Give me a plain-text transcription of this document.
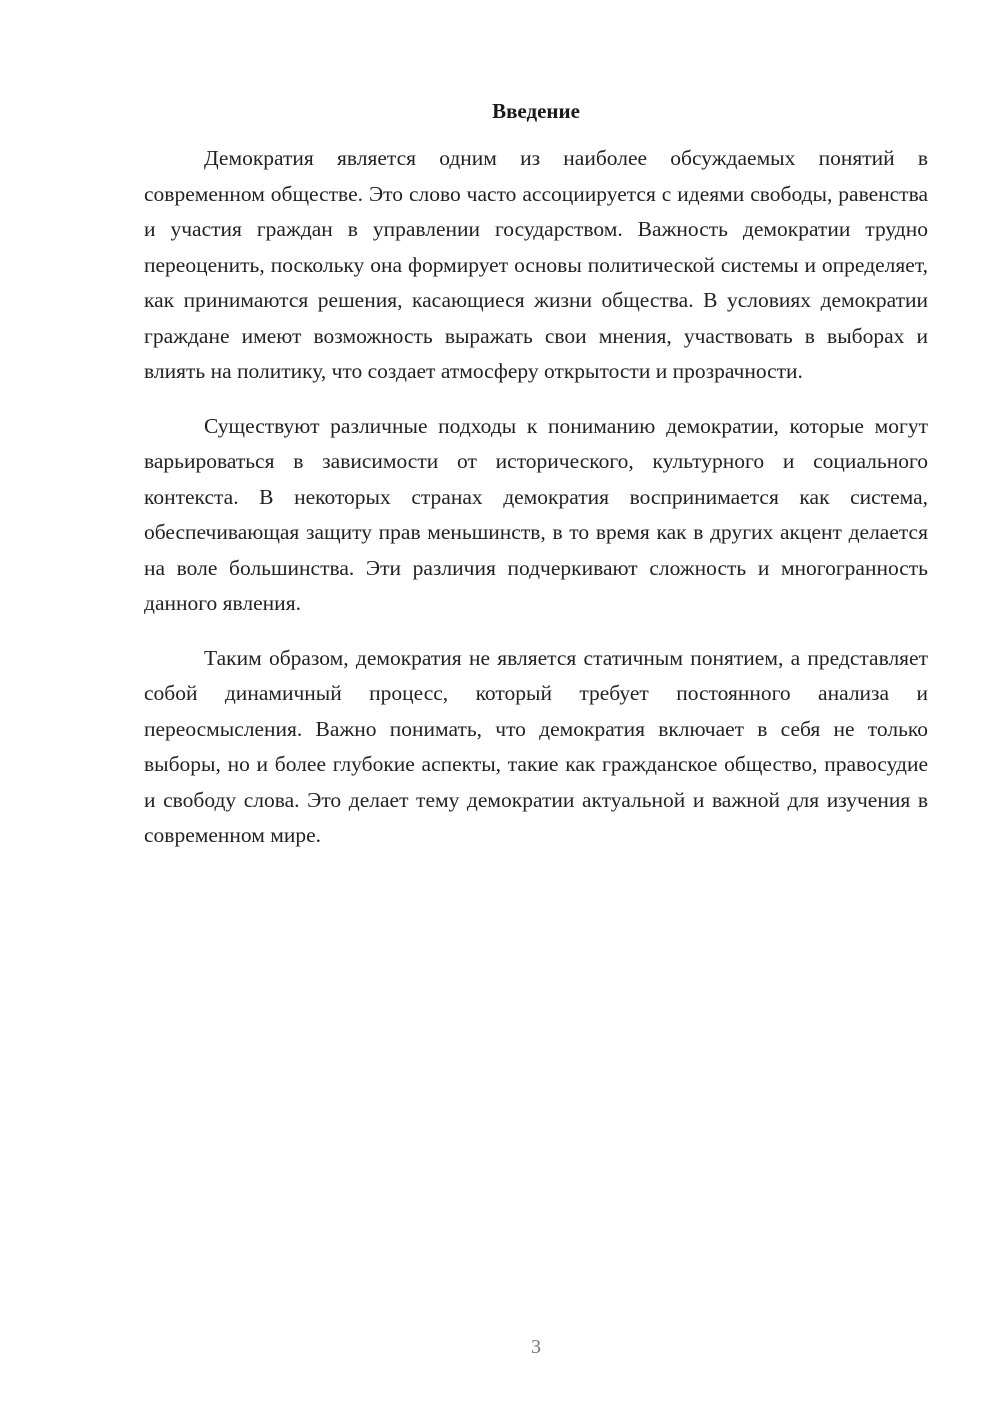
Введение

Демократия является одним из наиболее обсуждаемых понятий в современном обществе. Это слово часто ассоциируется с идеями свободы, равенства и участия граждан в управлении государством. Важность демократии трудно переоценить, поскольку она формирует основы политической системы и определяет, как принимаются решения, касающиеся жизни общества. В условиях демократии граждане имеют возможность выражать свои мнения, участвовать в выборах и влиять на политику, что создает атмосферу открытости и прозрачности.

Существуют различные подходы к пониманию демократии, которые могут варьироваться в зависимости от исторического, культурного и социального контекста. В некоторых странах демократия воспринимается как система, обеспечивающая защиту прав меньшинств, в то время как в других акцент делается на воле большинства. Эти различия подчеркивают сложность и многогранность данного явления.

Таким образом, демократия не является статичным понятием, а представляет собой динамичный процесс, который требует постоянного анализа и переосмысления. Важно понимать, что демократия включает в себя не только выборы, но и более глубокие аспекты, такие как гражданское общество, правосудие и свободу слова. Это делает тему демократии актуальной и важной для изучения в современном мире.

3
